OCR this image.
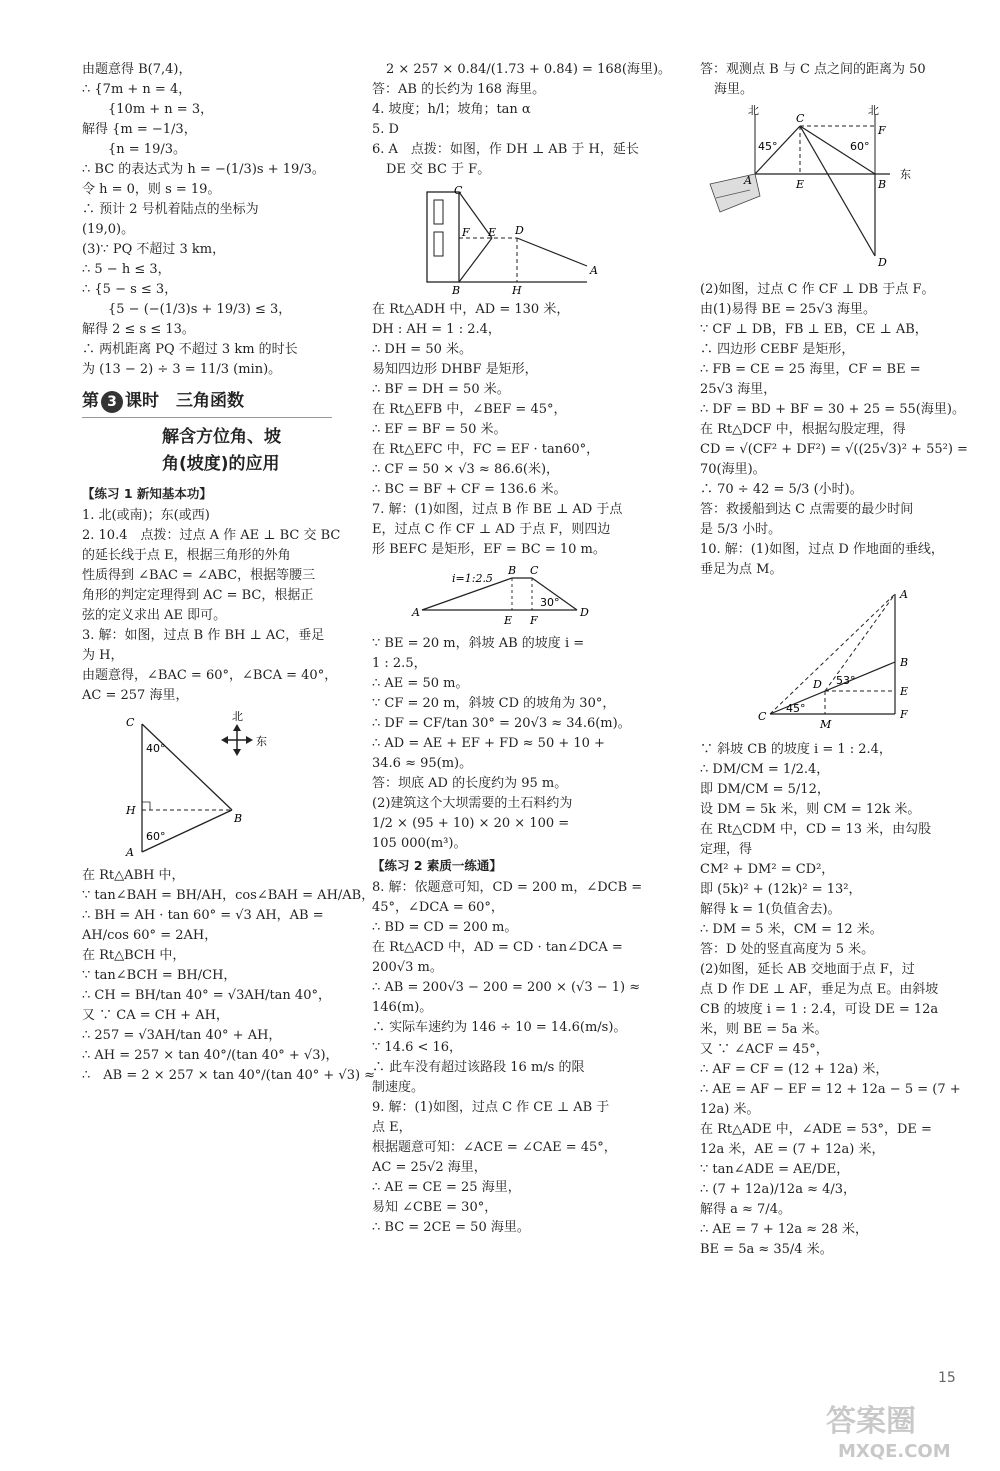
由题意得 B(7,4)，
∴ {7m + n = 4，
{10m + n = 3，
解得 {m = −1/3，
{n = 19/3。
∴ BC 的表达式为 h = −(1/3)s + 19/3。
令 h = 0，则 s = 19。
∴ 预计 2 号机着陆点的坐标为
(19,0)。
(3)∵ PQ 不超过 3 km，
∴ 5 − h ≤ 3，
∴ {5 − s ≤ 3，
{5 − (−(1/3)s + 19/3) ≤ 3，
解得 2 ≤ s ≤ 13。
∴ 两机距离 PQ 不超过 3 km 的时长
为 (13 − 2) ÷ 3 = 11/3 (min)。
第 3 课时　三角函数
解含方位角、坡
角(坡度)的应用
【练习 1 新知基本功】
1. 北(或南)；东(或西)
2. 10.4　点拨：过点 A 作 AE ⊥ BC 交 BC
的延长线于点 E，根据三角形的外角
性质得到 ∠BAC = ∠ABC，根据等腰三
角形的判定定理得到 AC = BC，根据正
弦的定义求出 AE 即可。
3. 解：如图，过点 B 作 BH ⊥ AC，垂足
为 H，
由题意得，∠BAC = 60°，∠BCA = 40°，
AC = 257 海里，
C
H
A
B
40°
60°
北
东
在 Rt△ABH 中，
∵ tan∠BAH = BH/AH，cos∠BAH = AH/AB，
∴ BH = AH · tan 60° = √3 AH，AB =
AH/cos 60° = 2AH，
在 Rt△BCH 中，
∵ tan∠BCH = BH/CH，
∴ CH = BH/tan 40° = √3AH/tan 40°，
又 ∵ CA = CH + AH，
∴ 257 = √3AH/tan 40° + AH，
∴ AH = 257 × tan 40°/(tan 40° + √3)，
∴　AB = 2 × 257 × tan 40°/(tan 40° + √3) ≈
2 × 257 × 0.84/(1.73 + 0.84) = 168(海里)。
答：AB 的长约为 168 海里。
4. 坡度；h/l；坡角；tan α
5. D
6. A　点拨：如图，作 DH ⊥ AB 于 H，延长
DE 交 BC 于 F。
C
F E D
B	H
A
在 Rt△ADH 中，AD = 130 米，
DH : AH = 1 : 2.4，
∴ DH = 50 米。
易知四边形 DHBF 是矩形，
∴ BF = DH = 50 米。
在 Rt△EFB 中，∠BEF = 45°，
∴ EF = BF = 50 米。
在 Rt△EFC 中，FC = EF · tan60°，
∴ CF = 50 × √3 ≈ 86.6(米)，
∴ BC = BF + CF = 136.6 米。
7. 解：(1)如图，过点 B 作 BE ⊥ AD 于点
E，过点 C 作 CF ⊥ AD 于点 F，则四边
形 BEFC 是矩形，EF = BC = 10 m。
i=1:2.5
B C
A
E F
D
30°
∵ BE = 20 m，斜坡 AB 的坡度 i =
1 : 2.5，
∴ AE = 50 m。
∵ CF = 20 m，斜坡 CD 的坡角为 30°，
∴ DF = CF/tan 30° = 20√3 ≈ 34.6(m)。
∴ AD = AE + EF + FD ≈ 50 + 10 +
34.6 ≈ 95(m)。
答：坝底 AD 的长度约为 95 m。
(2)建筑这个大坝需要的土石料约为
1/2 × (95 + 10) × 20 × 100 =
105 000(m³)。
【练习 2 素质一练通】
8. 解：依题意可知，CD = 200 m，∠DCB =
45°，∠DCA = 60°，
∴ BD = CD = 200 m。
在 Rt△ACD 中，AD = CD · tan∠DCA =
200√3 m。
∴ AB = 200√3 − 200 = 200 × (√3 − 1) ≈
146(m)。
∴ 实际车速约为 146 ÷ 10 = 14.6(m/s)。
∵ 14.6 < 16，
∴ 此车没有超过该路段 16 m/s 的限
制速度。
9. 解：(1)如图，过点 C 作 CE ⊥ AB 于
点 E，
根据题意可知：∠ACE = ∠CAE = 45°，
AC = 25√2 海里，
∴ AE = CE = 25 海里，
易知 ∠CBE = 30°，
∴ BC = 2CE = 50 海里。
答：观测点 B 与 C 点之间的距离为 50
海里。
北	北
东
C
F
A	E	B
D
45°	60°
(2)如图，过点 C 作 CF ⊥ DB 于点 F。
由(1)易得 BE = 25√3 海里。
∵ CF ⊥ DB，FB ⊥ EB，CE ⊥ AB，
∴ 四边形 CEBF 是矩形，
∴ FB = CE = 25 海里，CF = BE =
25√3 海里，
∴ DF = BD + BF = 30 + 25 = 55(海里)。
在 Rt△DCF 中，根据勾股定理，得
CD = √(CF² + DF²) = √((25√3)² + 55²) =
70(海里)。
∴ 70 ÷ 42 = 5/3 (小时)。
答：救援船到达 C 点需要的最少时间
是 5/3 小时。
10. 解：(1)如图，过点 D 作地面的垂线，
垂足为点 M。
A
B
D
E
C
M
F
53°
45°
∵ 斜坡 CB 的坡度 i = 1 : 2.4，
∴ DM/CM = 1/2.4，
即 DM/CM = 5/12，
设 DM = 5k 米，则 CM = 12k 米。
在 Rt△CDM 中，CD = 13 米，由勾股
定理，得
CM² + DM² = CD²，
即 (5k)² + (12k)² = 13²，
解得 k = 1(负值舍去)。
∴ DM = 5 米，CM = 12 米。
答：D 处的竖直高度为 5 米。
(2)如图，延长 AB 交地面于点 F，过
点 D 作 DE ⊥ AF，垂足为点 E。由斜坡
CB 的坡度 i = 1 : 2.4，可设 DE = 12a
米，则 BE = 5a 米。
又 ∵ ∠ACF = 45°，
∴ AF = CF = (12 + 12a) 米，
∴ AE = AF − EF = 12 + 12a − 5 = (7 +
12a) 米。
在 Rt△ADE 中，∠ADE = 53°，DE =
12a 米，AE = (7 + 12a) 米，
∵ tan∠ADE = AE/DE，
∴ (7 + 12a)/12a ≈ 4/3，
解得 a ≈ 7/4。
∴ AE = 7 + 12a ≈ 28 米，
BE = 5a ≈ 35/4 米。
15
答案圈
MXQE.COM
